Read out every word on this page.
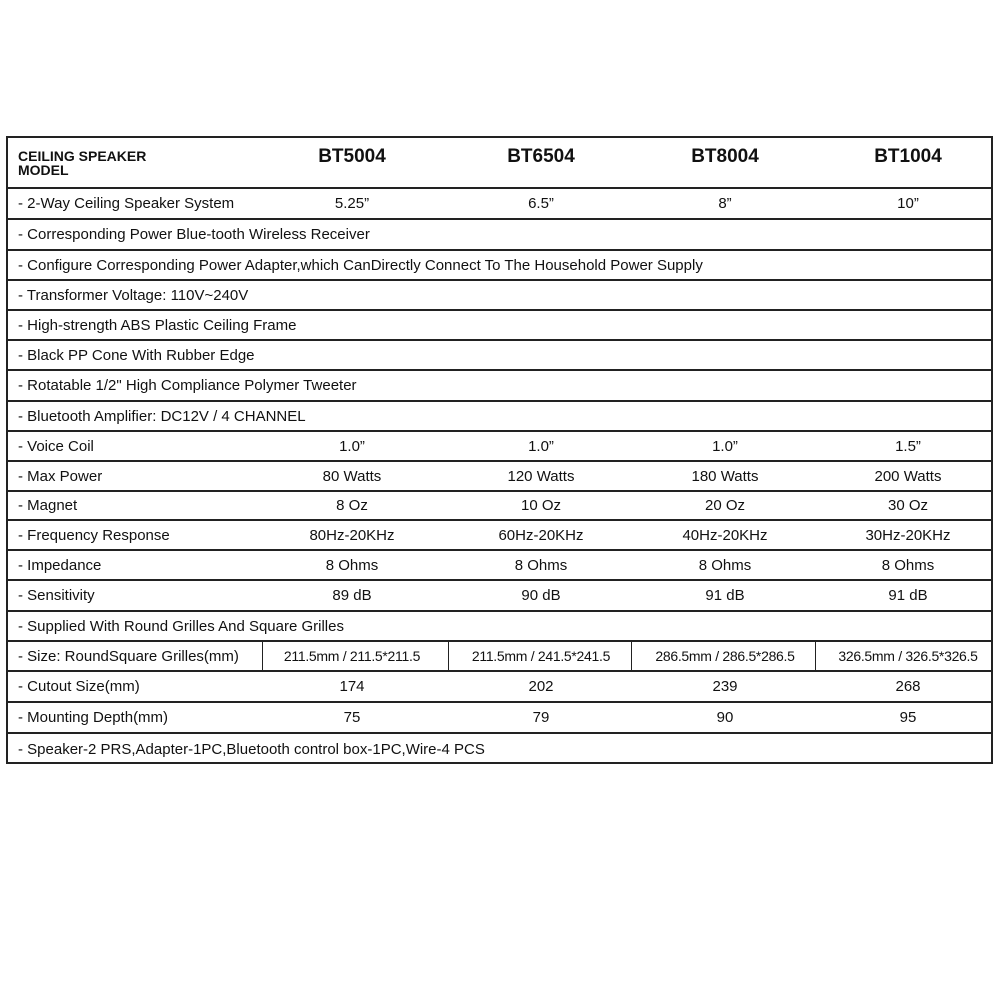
CEILING SPEAKER
MODEL
BT5004	BT6504	BT8004	BT1004
- 2-Way Ceiling Speaker System	5.25”	6.5”	8”	10”
- Corresponding Power Blue-tooth Wireless Receiver
- Configure Corresponding Power Adapter,which CanDirectly Connect To The Household Power Supply
- Transformer Voltage: 110V~240V
- High-strength ABS Plastic Ceiling Frame
- Black PP Cone With Rubber Edge
- Rotatable 1/2" High Compliance Polymer Tweeter
- Bluetooth Amplifier: DC12V / 4 CHANNEL
- Voice Coil	1.0”	1.0”	1.0”	1.5”
- Max Power	80 Watts	120 Watts	180 Watts	200 Watts
- Magnet	8 Oz	10 Oz	20 Oz	30 Oz
- Frequency Response	80Hz-20KHz	60Hz-20KHz	40Hz-20KHz	30Hz-20KHz
- Impedance	8 Ohms	8 Ohms	8 Ohms	8 Ohms
- Sensitivity	89 dB	90 dB	91 dB	91 dB
- Supplied With Round Grilles And Square Grilles
- Size: RoundSquare Grilles(mm)	211.5mm / 211.5*211.5	211.5mm / 241.5*241.5	286.5mm / 286.5*286.5	326.5mm / 326.5*326.5
- Cutout Size(mm)	174	202	239	268
- Mounting Depth(mm)	75	79	90	95
- Speaker-2 PRS,Adapter-1PC,Bluetooth control box-1PC,Wire-4 PCS
